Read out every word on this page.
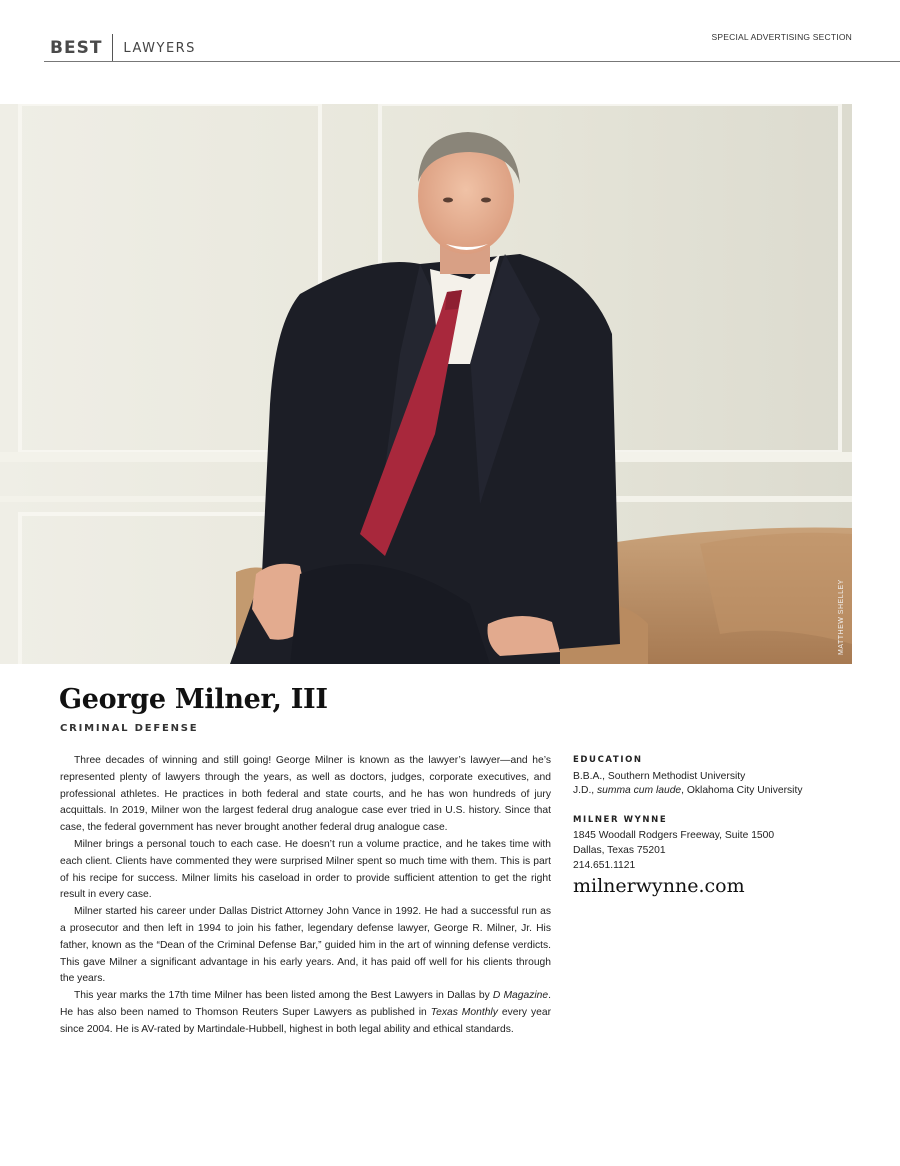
BEST LAWYERS
SPECIAL ADVERTISING SECTION
MATTHEW SHELLEY
George Milner, III
CRIMINAL DEFENSE

Three decades of winning and still going! George Milner is known as the lawyer’s lawyer—and he’s represented plenty of lawyers through the years, as well as doctors, judges, corporate executives, and professional athletes. He practices in both federal and state courts, and he has won hundreds of jury acquittals. In 2019, Milner won the largest federal drug analogue case ever tried in U.S. history. Since that case, the federal government has never brought another federal drug analogue case.

Milner brings a personal touch to each case. He doesn’t run a volume practice, and he takes time with each client. Clients have commented they were surprised Milner spent so much time with them. This is part of his recipe for success. Milner limits his caseload in order to provide sufficient attention to get the right result in every case.

Milner started his career under Dallas District Attorney John Vance in 1992. He had a successful run as a prosecutor and then left in 1994 to join his father, legendary defense lawyer, George R. Milner, Jr. His father, known as the “Dean of the Criminal Defense Bar,” guided him in the art of winning defense verdicts. This gave Milner a significant advantage in his early years. And, it has paid off well for his clients through the years.

This year marks the 17th time Milner has been listed among the Best Lawyers in Dallas by D Magazine. He has also been named to Thomson Reuters Super Lawyers as published in Texas Monthly every year since 2004. He is AV-rated by Martindale-Hubbell, highest in both legal ability and ethical standards.

EDUCATION
B.B.A., Southern Methodist University
J.D., summa cum laude, Oklahoma City University
MILNER WYNNE
1845 Woodall Rodgers Freeway, Suite 1500
Dallas, Texas 75201
214.651.1121
milnerwynne.com
